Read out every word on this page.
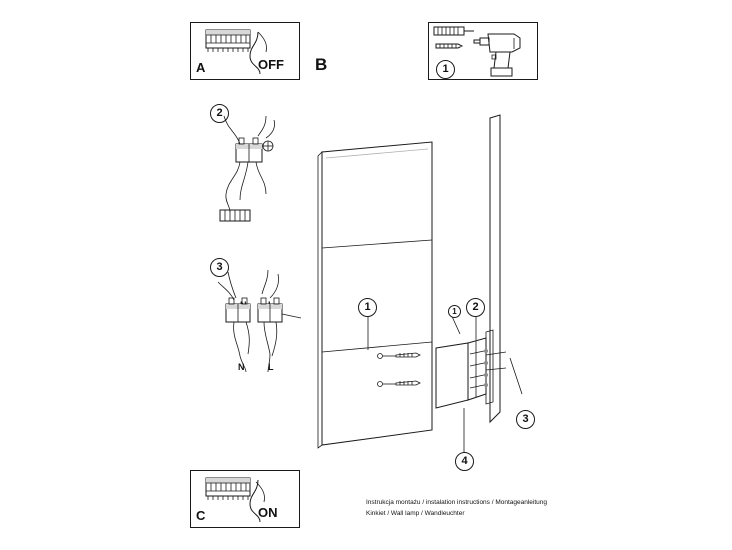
A	OFF B	1
2
3
N	L
1	2
3
4
1
C	ON
Instrukcja montażu / instalation instructions / Montageanleitung
Kinkiet / Wall lamp / Wandleuchter
